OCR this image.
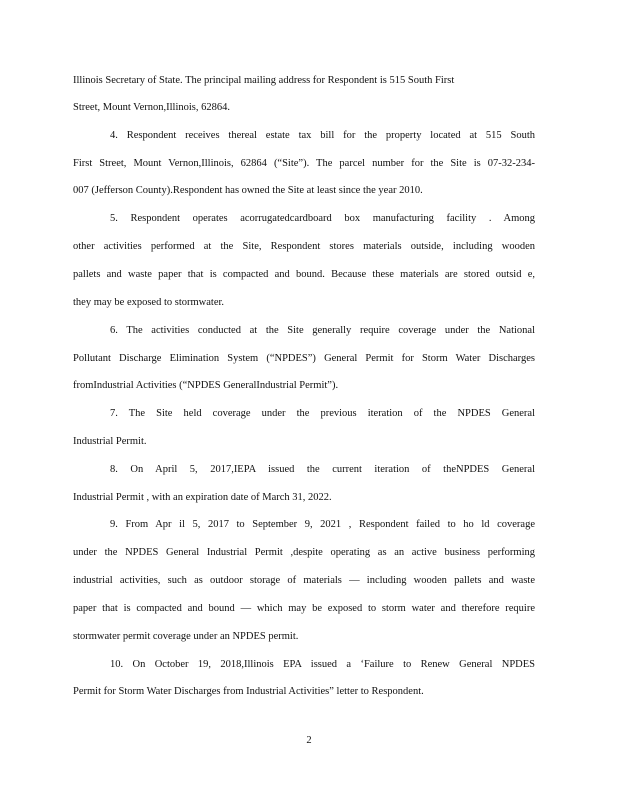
Illinois Secretary of State. The principal mailing address for Respondent is 515 South First
Street, Mount Vernon,Illinois, 62864.
4. Respondent receives thereal estate tax bill for the property located at 515 South
First Street, Mount Vernon,Illinois, 62864 (“Site”). The parcel number for the Site is 07-32-234-
007 (Jefferson County).Respondent has owned the Site at least since the year 2010.
5. Respondent operates acorrugatedcardboard box manufacturing facility . Among
other activities performed at the Site, Respondent stores materials outside, including wooden
pallets and waste paper that is compacted and bound. Because these materials are stored outsid e,
they may be exposed to stormwater.
6. The activities conducted at the Site generally require coverage under the National
Pollutant Discharge Elimination System (“NPDES”) General Permit for Storm Water Discharges
fromIndustrial Activities (“NPDES GeneralIndustrial Permit”).
7. The Site held coverage under the previous iteration of the NPDES General
Industrial Permit.
8. On April 5, 2017,IEPA issued the current iteration of theNPDES General
Industrial Permit , with an expiration date of March 31, 2022.
9. From Apr il 5, 2017 to September 9, 2021 , Respondent failed to ho ld coverage
under the NPDES General Industrial Permit ,despite operating as an active business performing
industrial activities, such as outdoor storage of materials — including wooden pallets and waste
paper that is compacted and bound — which may be exposed to storm water and therefore require
stormwater permit coverage under an NPDES permit.
10. On October 19, 2018,Illinois EPA issued a ‘Failure to Renew General NPDES
Permit for Storm Water Discharges from Industrial Activities” letter to Respondent.
2
